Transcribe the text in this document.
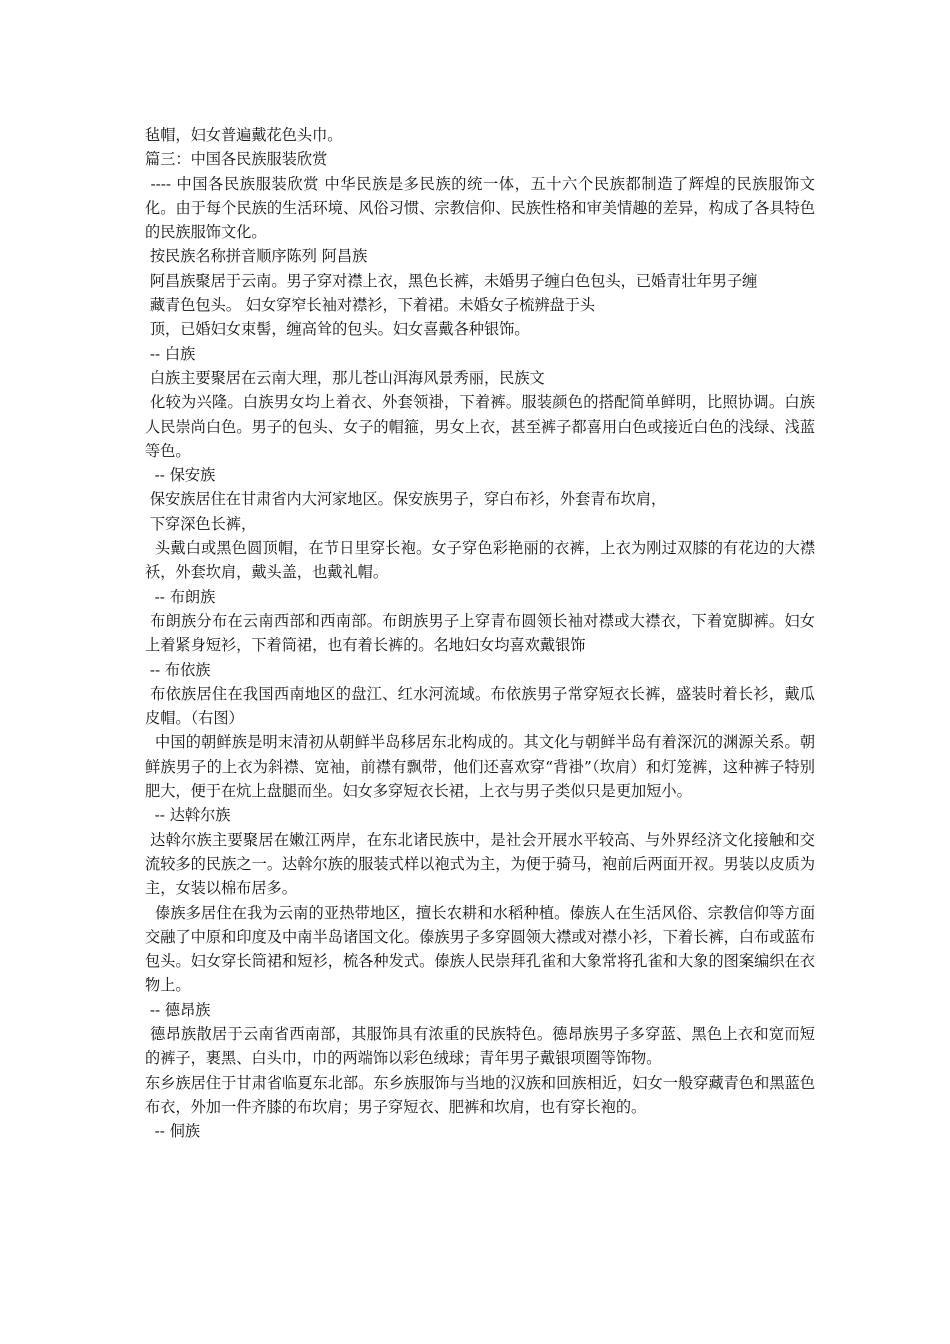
毡帽，妇女普遍戴花色头巾。

篇三：中国各民族服装欣赏

---- 中国各民族服装欣赏 中华民族是多民族的统一体，五十六个民族都制造了辉煌的民族服饰文化。由于每个民族的生活环境、风俗习惯、宗教信仰、民族性格和审美情趣的差异，构成了各具特色的民族服饰文化。

按民族名称拼音顺序陈列 阿昌族

阿昌族聚居于云南。男子穿对襟上衣，黑色长裤，未婚男子缠白色包头，已婚青壮年男子缠

藏青色包头。 妇女穿窄长袖对襟衫，下着裙。未婚女子梳辨盘于头

顶，已婚妇女束髻，缠高耸的包头。妇女喜戴各种银饰。

-- 白族

白族主要聚居在云南大理，那儿苍山洱海风景秀丽，民族文

化较为兴隆。白族男女均上着衣、外套领褂，下着裤。服装颜色的搭配简单鲜明，比照协调。白族人民崇尚白色。男子的包头、女子的帽箍，男女上衣，甚至裤子都喜用白色或接近白色的浅绿、浅蓝等色。

-- 保安族

保安族居住在甘肃省内大河家地区。保安族男子，穿白布衫，外套青布坎肩，

下穿深色长裤，

头戴白或黑色圆顶帽，在节日里穿长袍。女子穿色彩艳丽的衣裤，上衣为刚过双膝的有花边的大襟袄，外套坎肩，戴头盖，也戴礼帽。

-- 布朗族

布朗族分布在云南西部和西南部。布朗族男子上穿青布圆领长袖对襟或大襟衣，下着宽脚裤。妇女上着紧身短衫，下着筒裙，也有着长裤的。名地妇女均喜欢戴银饰

-- 布依族

布依族居住在我国西南地区的盘江、红水河流域。布依族男子常穿短衣长裤，盛装时着长衫，戴瓜皮帽。（右图）

中国的朝鲜族是明末清初从朝鲜半岛移居东北构成的。其文化与朝鲜半岛有着深沉的渊源关系。朝鲜族男子的上衣为斜襟、宽袖，前襟有飘带，他们还喜欢穿“背褂”（坎肩）和灯笼裤，这种裤子特别肥大，便于在炕上盘腿而坐。妇女多穿短衣长裙，上衣与男子类似只是更加短小。

-- 达斡尔族

达斡尔族主要聚居在嫩江两岸，在东北诸民族中，是社会开展水平较高、与外界经济文化接触和交流较多的民族之一。达斡尔族的服装式样以袍式为主，为便于骑马，袍前后两面开衩。男装以皮质为主，女装以棉布居多。

傣族多居住在我为云南的亚热带地区，擅长农耕和水稻种植。傣族人在生活风俗、宗教信仰等方面交融了中原和印度及中南半岛诸国文化。傣族男子多穿圆领大襟或对襟小衫，下着长裤，白布或蓝布包头。妇女穿长筒裙和短衫，梳各种发式。傣族人民崇拜孔雀和大象常将孔雀和大象的图案编织在衣物上。

-- 德昂族

德昂族散居于云南省西南部，其服饰具有浓重的民族特色。德昂族男子多穿蓝、黑色上衣和宽而短的裤子，裹黑、白头巾，巾的两端饰以彩色绒球；青年男子戴银项圈等饰物。

东乡族居住于甘肃省临夏东北部。东乡族服饰与当地的汉族和回族相近，妇女一般穿藏青色和黑蓝色布衣，外加一件齐膝的布坎肩；男子穿短衣、肥裤和坎肩，也有穿长袍的。

-- 侗族
